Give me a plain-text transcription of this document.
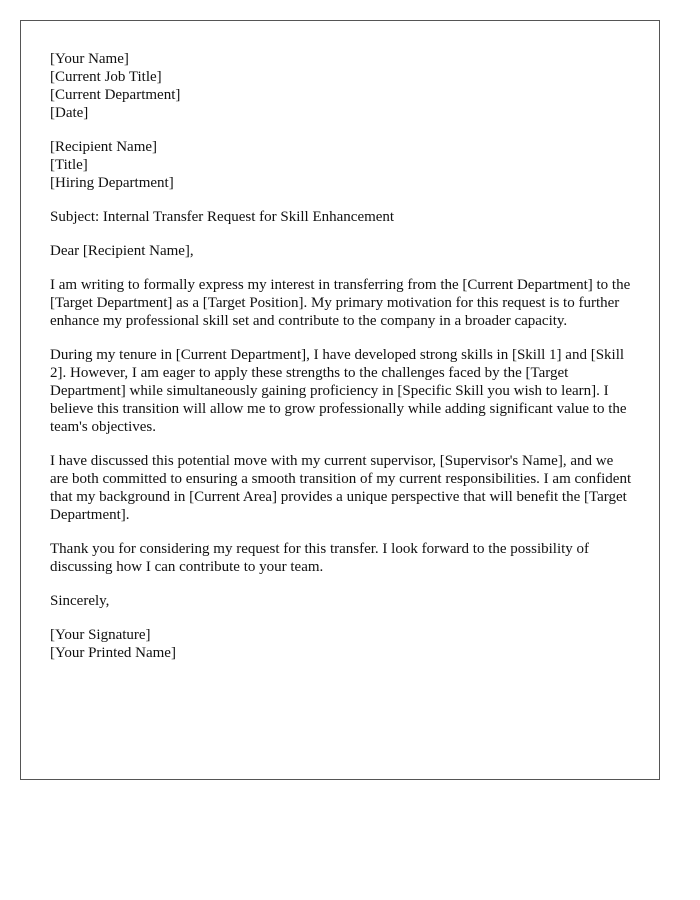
[Your Name]
[Current Job Title]
[Current Department]
[Date]
[Recipient Name]
[Title]
[Hiring Department]

Subject: Internal Transfer Request for Skill Enhancement

Dear [Recipient Name],

I am writing to formally express my interest in transferring from the [Current Department] to the [Target Department] as a [Target Position]. My primary motivation for this request is to further enhance my professional skill set and contribute to the company in a broader capacity.

During my tenure in [Current Department], I have developed strong skills in [Skill 1] and [Skill 2]. However, I am eager to apply these strengths to the challenges faced by the [Target Department] while simultaneously gaining proficiency in [Specific Skill you wish to learn]. I believe this transition will allow me to grow professionally while adding significant value to the team's objectives.

I have discussed this potential move with my current supervisor, [Supervisor's Name], and we are both committed to ensuring a smooth transition of my current responsibilities. I am confident that my background in [Current Area] provides a unique perspective that will benefit the [Target Department].

Thank you for considering my request for this transfer. I look forward to the possibility of discussing how I can contribute to your team.

Sincerely,

[Your Signature]
[Your Printed Name]
